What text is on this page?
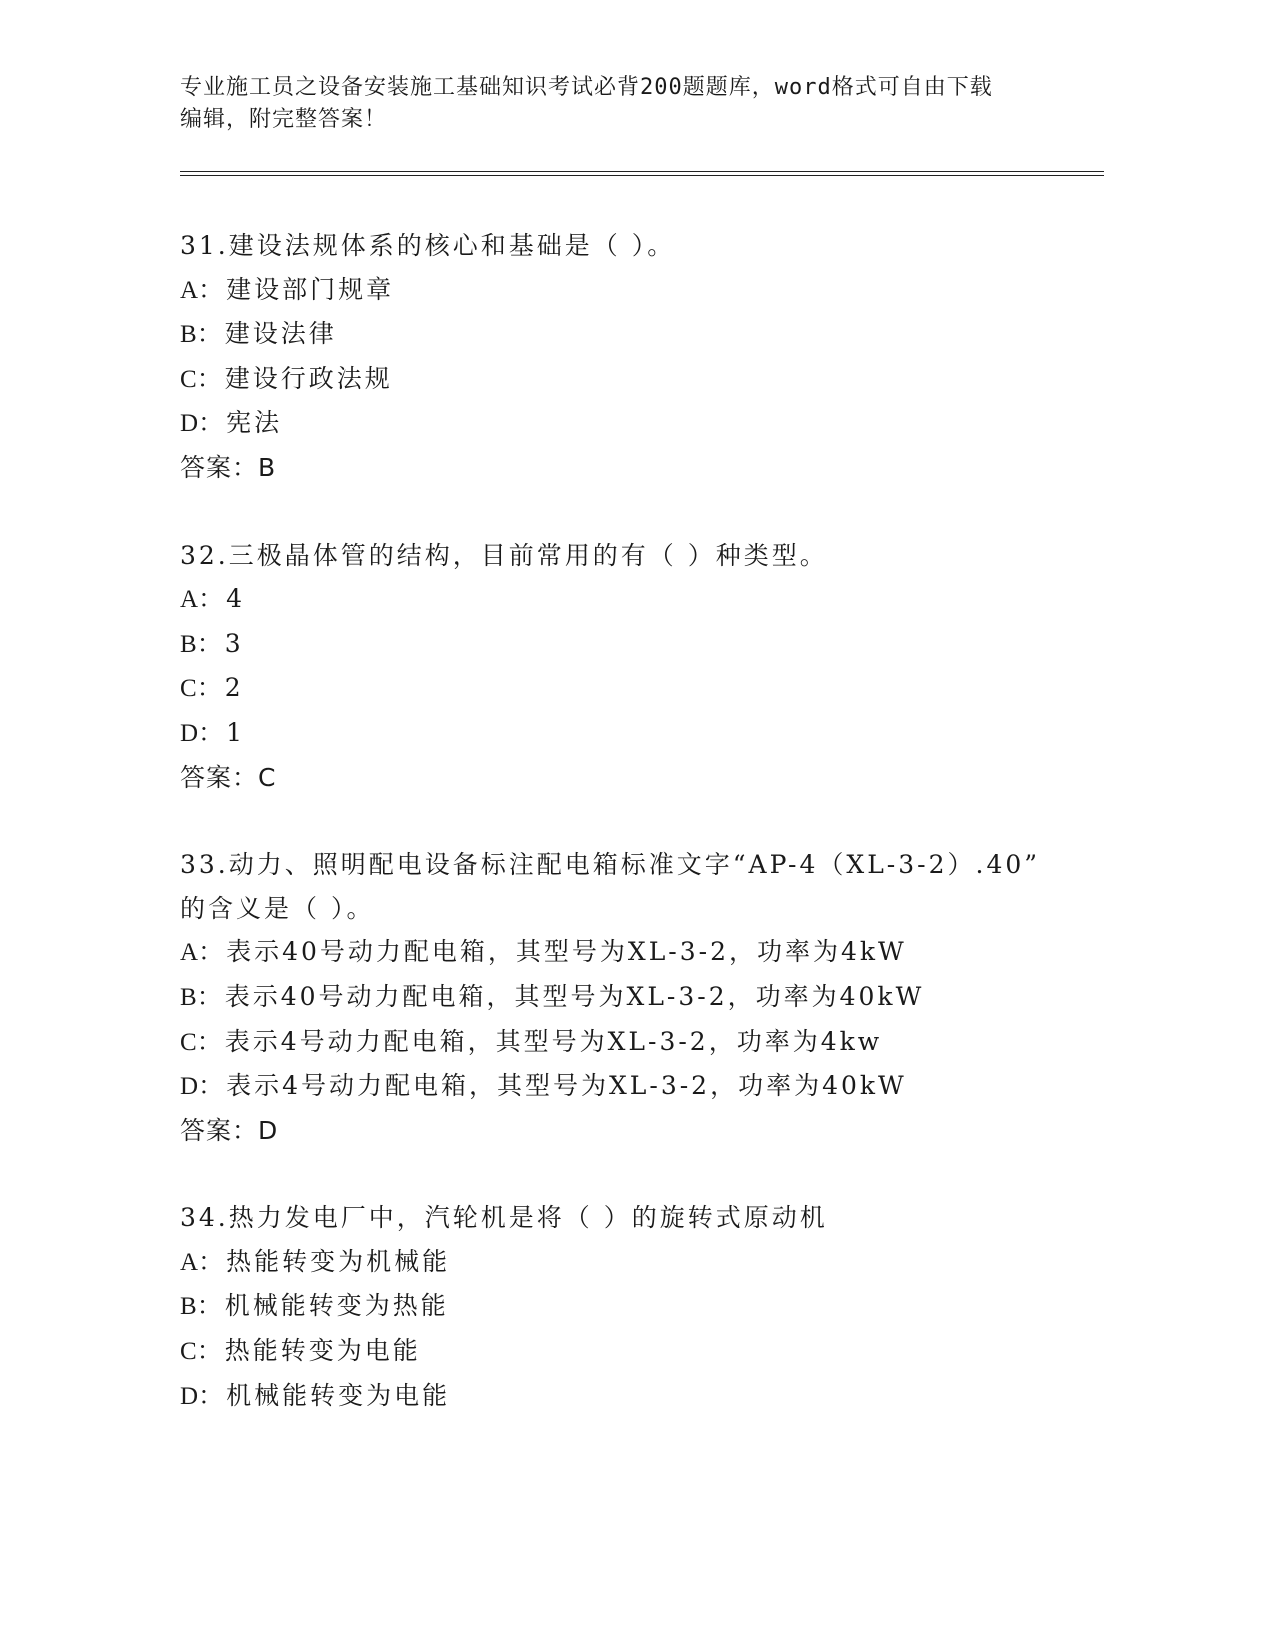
专业施工员之设备安装施工基础知识考试必背200题题库，word格式可自由下载
编辑，附完整答案！
31.建设法规体系的核心和基础是（ ）。
A：建设部门规章
B：建设法律
C：建设行政法规
D：宪法
答案：B
32.三极晶体管的结构，目前常用的有（ ）种类型。
A：4
B：3
C：2
D：1
答案：C
33.动力、照明配电设备标注配电箱标准文字“AP-4（XL-3-2）.40”
的含义是（ ）。
A：表示40号动力配电箱，其型号为XL-3-2，功率为4kW
B：表示40号动力配电箱，其型号为XL-3-2，功率为40kW
C：表示4号动力配电箱，其型号为XL-3-2，功率为4kw
D：表示4号动力配电箱，其型号为XL-3-2，功率为40kW
答案：D
34.热力发电厂中，汽轮机是将（ ）的旋转式原动机
A：热能转变为机械能
B：机械能转变为热能
C：热能转变为电能
D：机械能转变为电能
